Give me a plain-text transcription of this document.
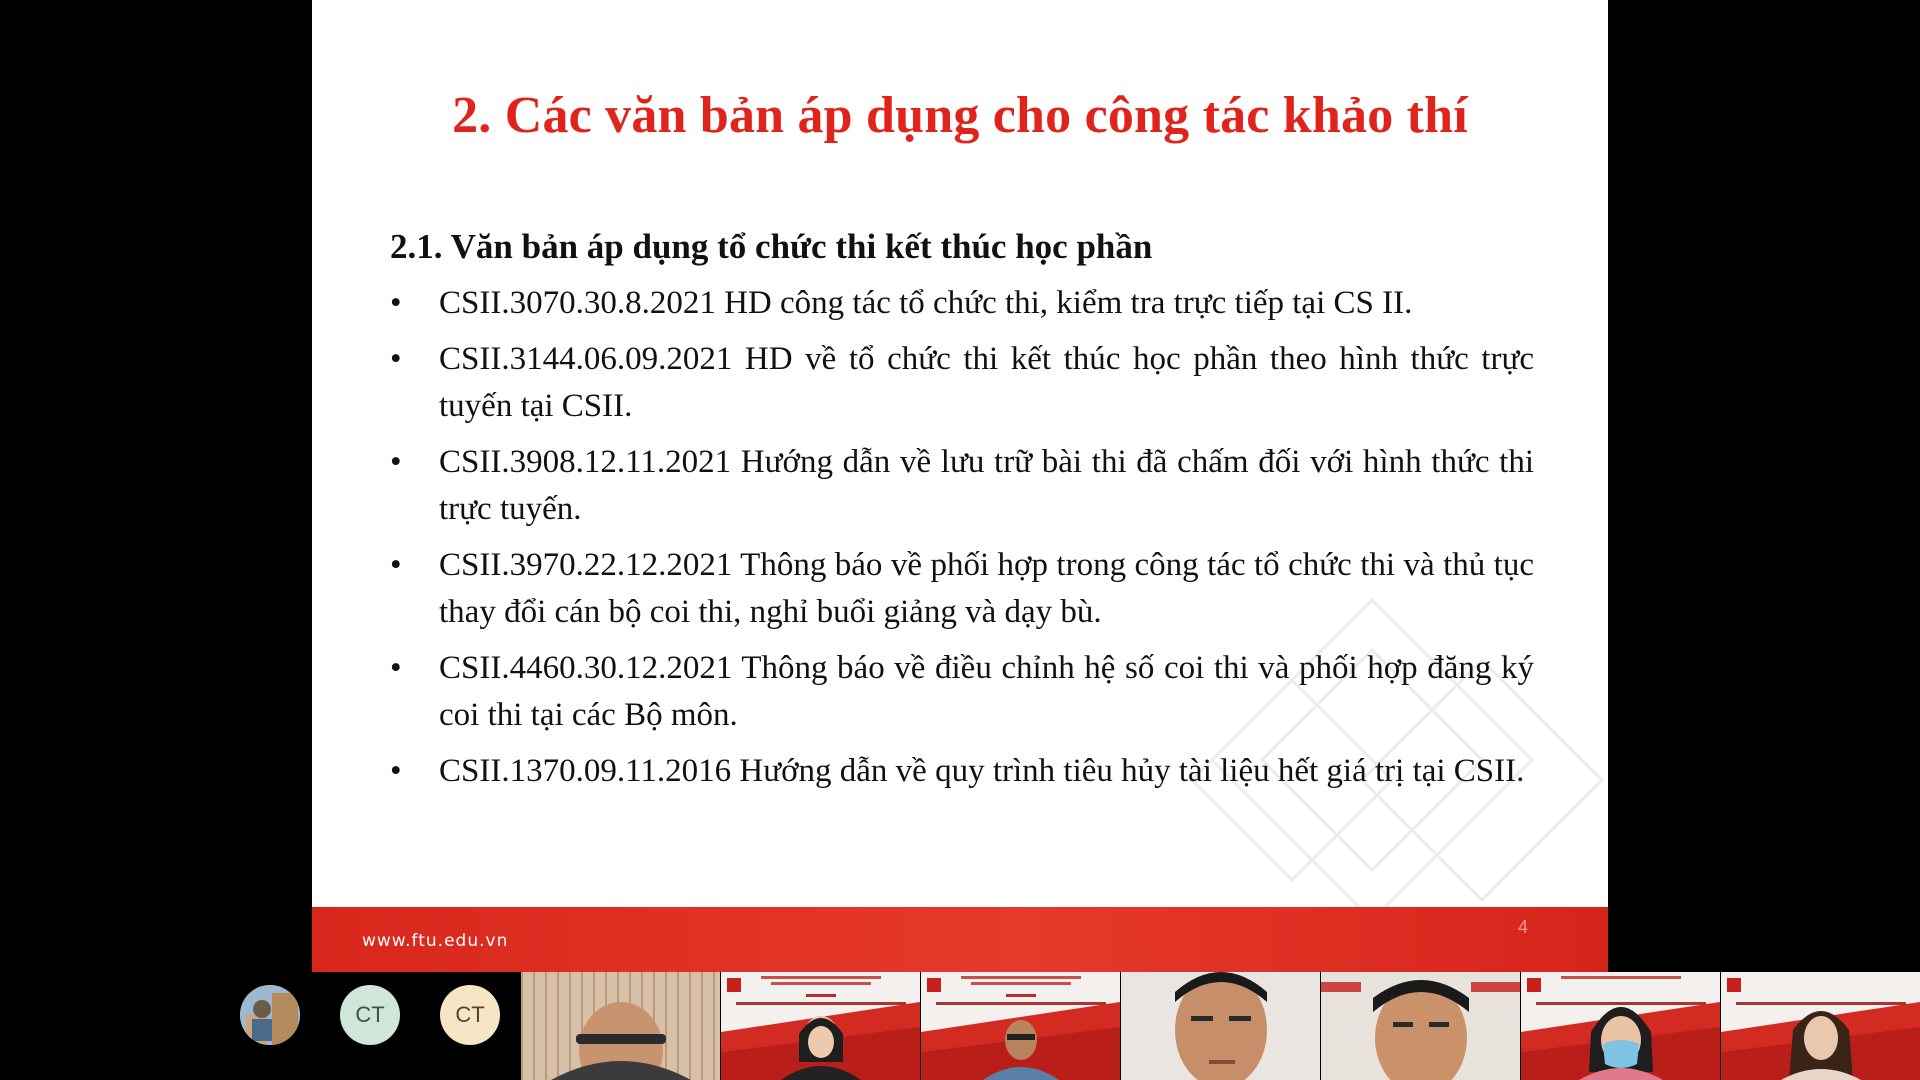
2. Các văn bản áp dụng cho công tác khảo thí
2.1. Văn bản áp dụng tổ chức thi kết thúc học phần
• CSII.3070.30.8.2021 HD công tác tổ chức thi, kiểm tra trực tiếp tại CS II.
• CSII.3144.06.09.2021 HD về tổ chức thi kết thúc học phần theo hình thức trực tuyến tại CSII.
• CSII.3908.12.11.2021 Hướng dẫn về lưu trữ bài thi đã chấm đối với hình thức thi trực tuyến.
• CSII.3970.22.12.2021 Thông báo về phối hợp trong công tác tổ chức thi và thủ tục thay đổi cán bộ coi thi, nghỉ buổi giảng và dạy bù.
• CSII.4460.30.12.2021 Thông báo về điều chỉnh hệ số coi thi và phối hợp đăng ký coi thi tại các Bộ môn.
• CSII.1370.09.11.2016 Hướng dẫn về quy trình tiêu hủy tài liệu hết giá trị tại CSII.
www.ftu.edu.vn
4
CT	CT
